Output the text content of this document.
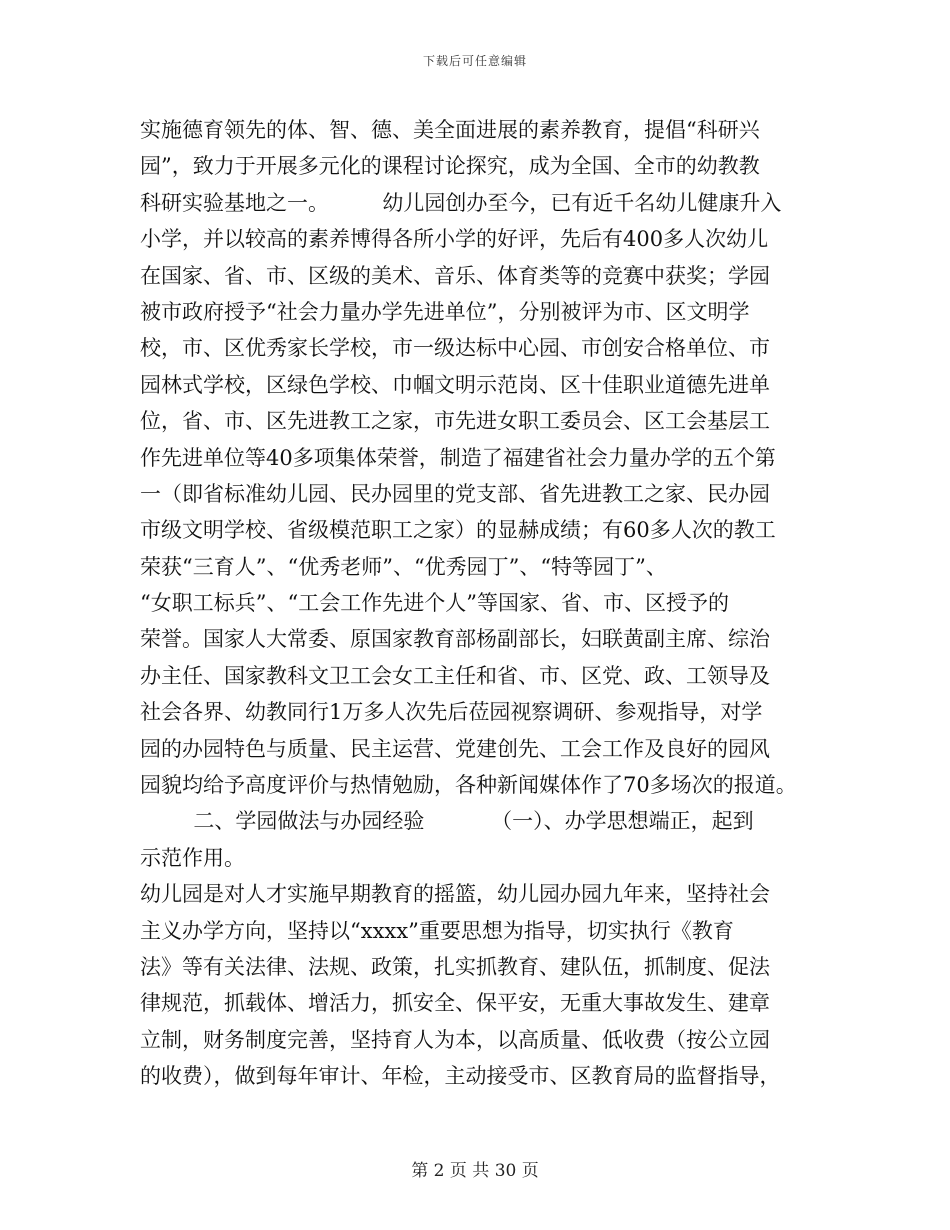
下载后可任意编辑
实施德育领先的体、智、德、美全面进展的素养教育，提倡“科研兴
园”，致力于开展多元化的课程讨论探究，成为全国、全市的幼教教
科研实验基地之一。        幼儿园创办至今，已有近千名幼儿健康升入
小学，并以较高的素养博得各所小学的好评，先后有400多人次幼儿
在国家、省、市、区级的美术、音乐、体育类等的竞赛中获奖；学园
被市政府授予“社会力量办学先进单位”，分别被评为市、区文明学
校，市、区优秀家长学校，市一级达标中心园、市创安合格单位、市
园林式学校，区绿色学校、巾帼文明示范岗、区十佳职业道德先进单
位，省、市、区先进教工之家，市先进女职工委员会、区工会基层工
作先进单位等40多项集体荣誉，制造了福建省社会力量办学的五个第
一（即省标准幼儿园、民办园里的党支部、省先进教工之家、民办园
市级文明学校、省级模范职工之家）的显赫成绩；有60多人次的教工
荣获“三育人”、“优秀老师”、“优秀园丁”、“特等园丁”、
“女职工标兵”、“工会工作先进个人”等国家、省、市、区授予的
荣誉。国家人大常委、原国家教育部杨副部长，妇联黄副主席、综治
办主任、国家教科文卫工会女工主任和省、市、区党、政、工领导及
社会各界、幼教同行1万多人次先后莅园视察调研、参观指导，对学
园的办园特色与质量、民主运营、党建创先、工会工作及良好的园风
园貌均给予高度评价与热情勉励，各种新闻媒体作了70多场次的报道。
二、学园做法与办园经验          （一）、办学思想端正，起到
示范作用。
幼儿园是对人才实施早期教育的摇篮，幼儿园办园九年来，坚持社会
主义办学方向，坚持以“xxxx”重要思想为指导，切实执行《教育
法》等有关法律、法规、政策，扎实抓教育、建队伍，抓制度、促法
律规范，抓载体、增活力，抓安全、保平安，无重大事故发生、建章
立制，财务制度完善，坚持育人为本，以高质量、低收费（按公立园
的收费），做到每年审计、年检，主动接受市、区教育局的监督指导，
第 2 页 共 30 页
